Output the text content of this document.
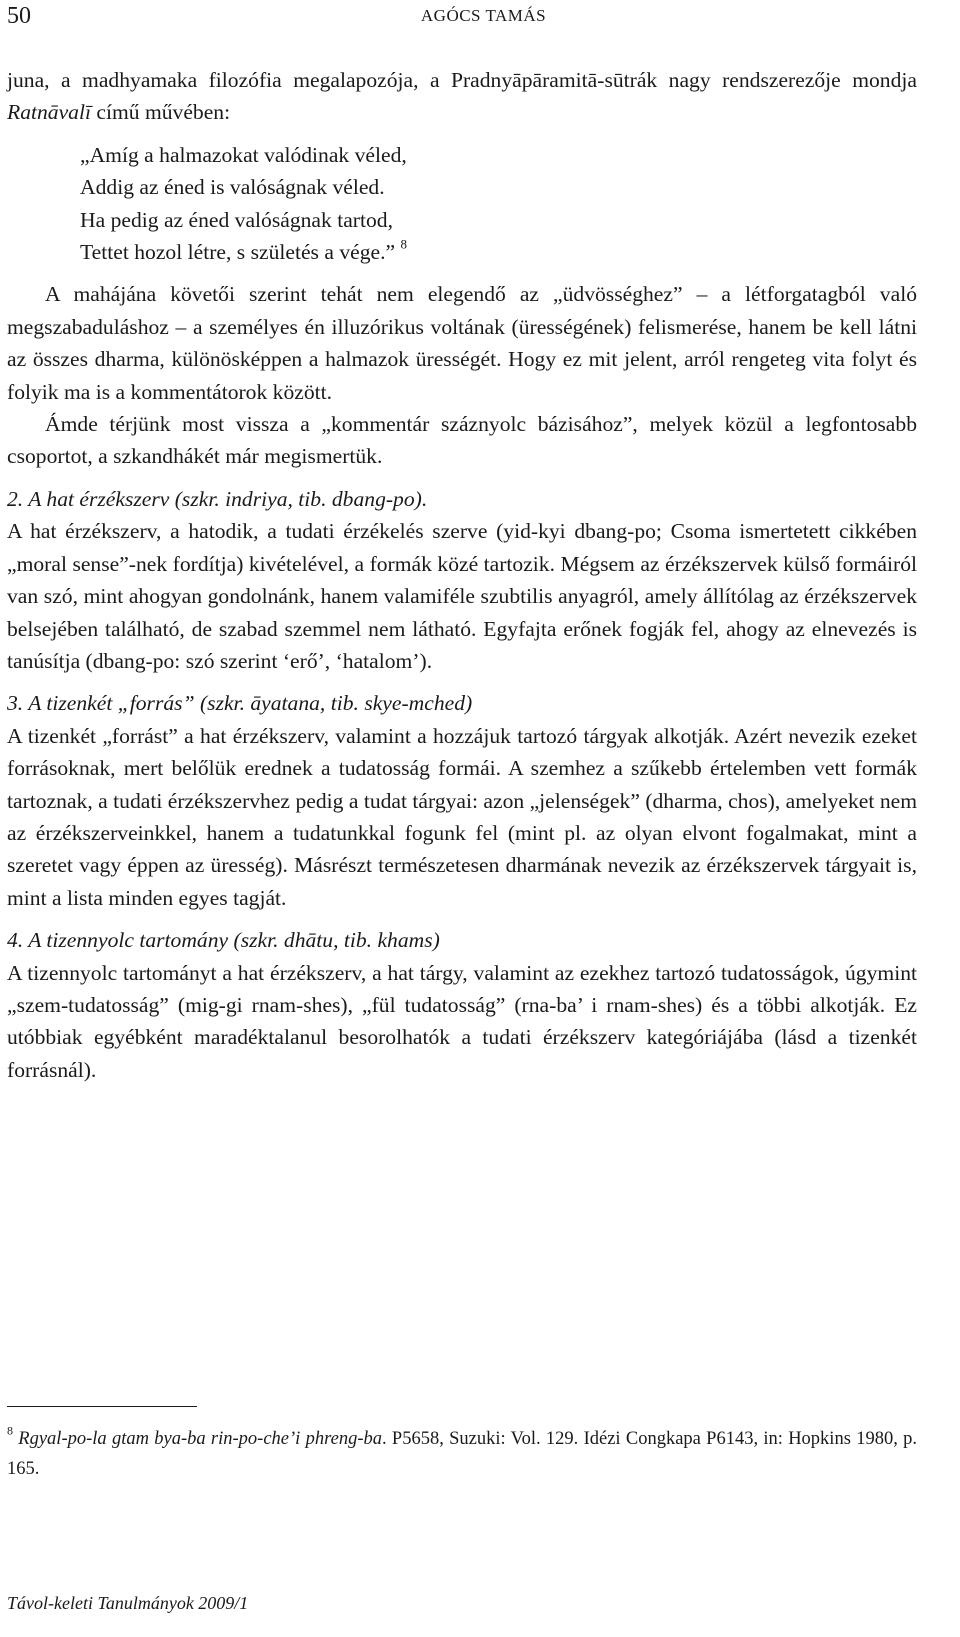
50	AGÓCS TAMÁS

juna, a madhyamaka filozófia megalapozója, a Pradnyāpāramitā-sūtrák nagy rendszerezője mondja Ratnāvalī című művében:

„Amíg a halmazokat valódinak véled,
Addig az éned is valóságnak véled.
Ha pedig az éned valóságnak tartod,
Tettet hozol létre, s születés a vége.” $^8$

A mahájána követői szerint tehát nem elegendő az „üdvösséghez” – a létforgatagból való megszabaduláshoz – a személyes én illuzórikus voltának (ürességének) felismerése, hanem be kell látni az összes dharma, különösképpen a halmazok ürességét. Hogy ez mit jelent, arról rengeteg vita folyt és folyik ma is a kommentátorok között.

Ámde térjünk most vissza a „kommentár száznyolc bázisához”, melyek közül a legfontosabb csoportot, a szkandhákét már megismertük.

2. A hat érzékszerv (szkr. indriya, tib. dbang-po).

A hat érzékszerv, a hatodik, a tudati érzékelés szerve (yid-kyi dbang-po; Csoma ismertetett cikkében „moral sense”-nek fordítja) kivételével, a formák közé tartozik. Mégsem az érzékszervek külső formáiról van szó, mint ahogyan gondolnánk, hanem valamiféle szubtilis anyagról, amely állítólag az érzékszervek belsejében található, de szabad szemmel nem látható. Egyfajta erőnek fogják fel, ahogy az elnevezés is tanúsítja (dbang-po: szó szerint ‘erő’, ‘hatalom’).

3. A tizenkét „forrás” (szkr. āyatana, tib. skye-mched)

A tizenkét „forrást” a hat érzékszerv, valamint a hozzájuk tartozó tárgyak alkotják. Azért nevezik ezeket forrásoknak, mert belőlük erednek a tudatosság formái. A szemhez a szűkebb értelemben vett formák tartoznak, a tudati érzékszervhez pedig a tudat tárgyai: azon „jelenségek” (dharma, chos), amelyeket nem az érzékszerveinkkel, hanem a tudatunkkal fogunk fel (mint pl. az olyan elvont fogalmakat, mint a szeretet vagy éppen az üresség). Másrészt természetesen dharmának nevezik az érzékszervek tárgyait is, mint a lista minden egyes tagját.

4. A tizennyolc tartomány (szkr. dhātu, tib. khams)

A tizennyolc tartományt a hat érzékszerv, a hat tárgy, valamint az ezekhez tartozó tudatosságok, úgymint „szem-tudatosság” (mig-gi rnam-shes), „fül tudatosság” (rna-ba’ i rnam-shes) és a többi alkotják. Ez utóbbiak egyébként maradéktalanul besorolhatók a tudati érzékszerv kategóriájába (lásd a tizenkét forrásnál).

$^8$ Rgyal-po-la gtam bya-ba rin-po-che’i phreng-ba. P5658, Suzuki: Vol. 129. Idézi Congkapa P6143, in: Hopkins 1980, p. 165.
Távol-keleti Tanulmányok 2009/1
